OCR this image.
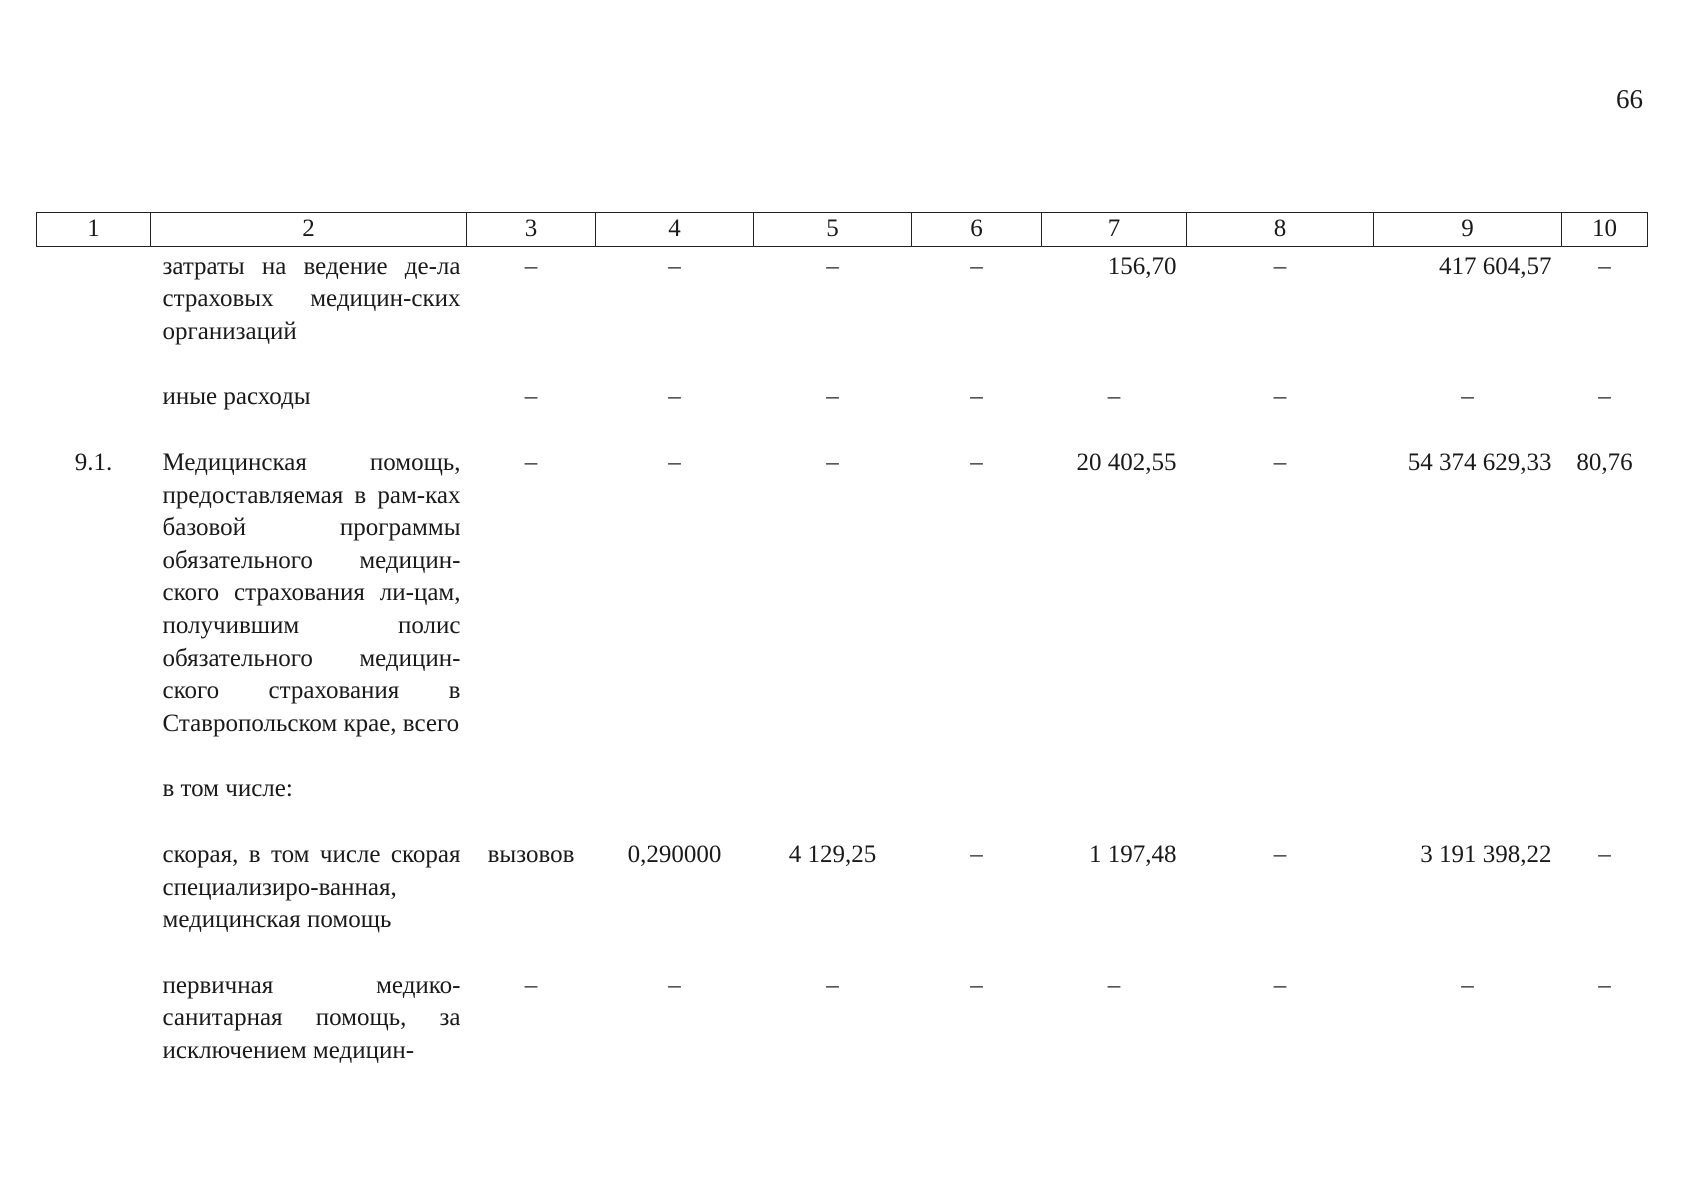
66
1	2	3	4	5	6	7	8	9	10
	затраты на ведение де-ла страховых медицин-ских организаций	–	–	–	–	156,70	–	417 604,57	–
	иные расходы	–	–	–	–	–	–	–	–
9.1.	Медицинская помощь, предоставляемая в рам-ках базовой программы обязательного медицин-ского страхования ли-цам, получившим полис обязательного медицин-ского страхования в Ставропольском крае, всего	–	–	–	–	20 402,55	–	54 374 629,33	80,76
	в том числе:								
	скорая, в том числе скорая специализиро-ванная, медицинская помощь	вызовов	0,290000	4 129,25	–	1 197,48	–	3 191 398,22	–
	первичная медико-санитарная помощь, за исключением медицин-	–	–	–	–	–	–	–	–
